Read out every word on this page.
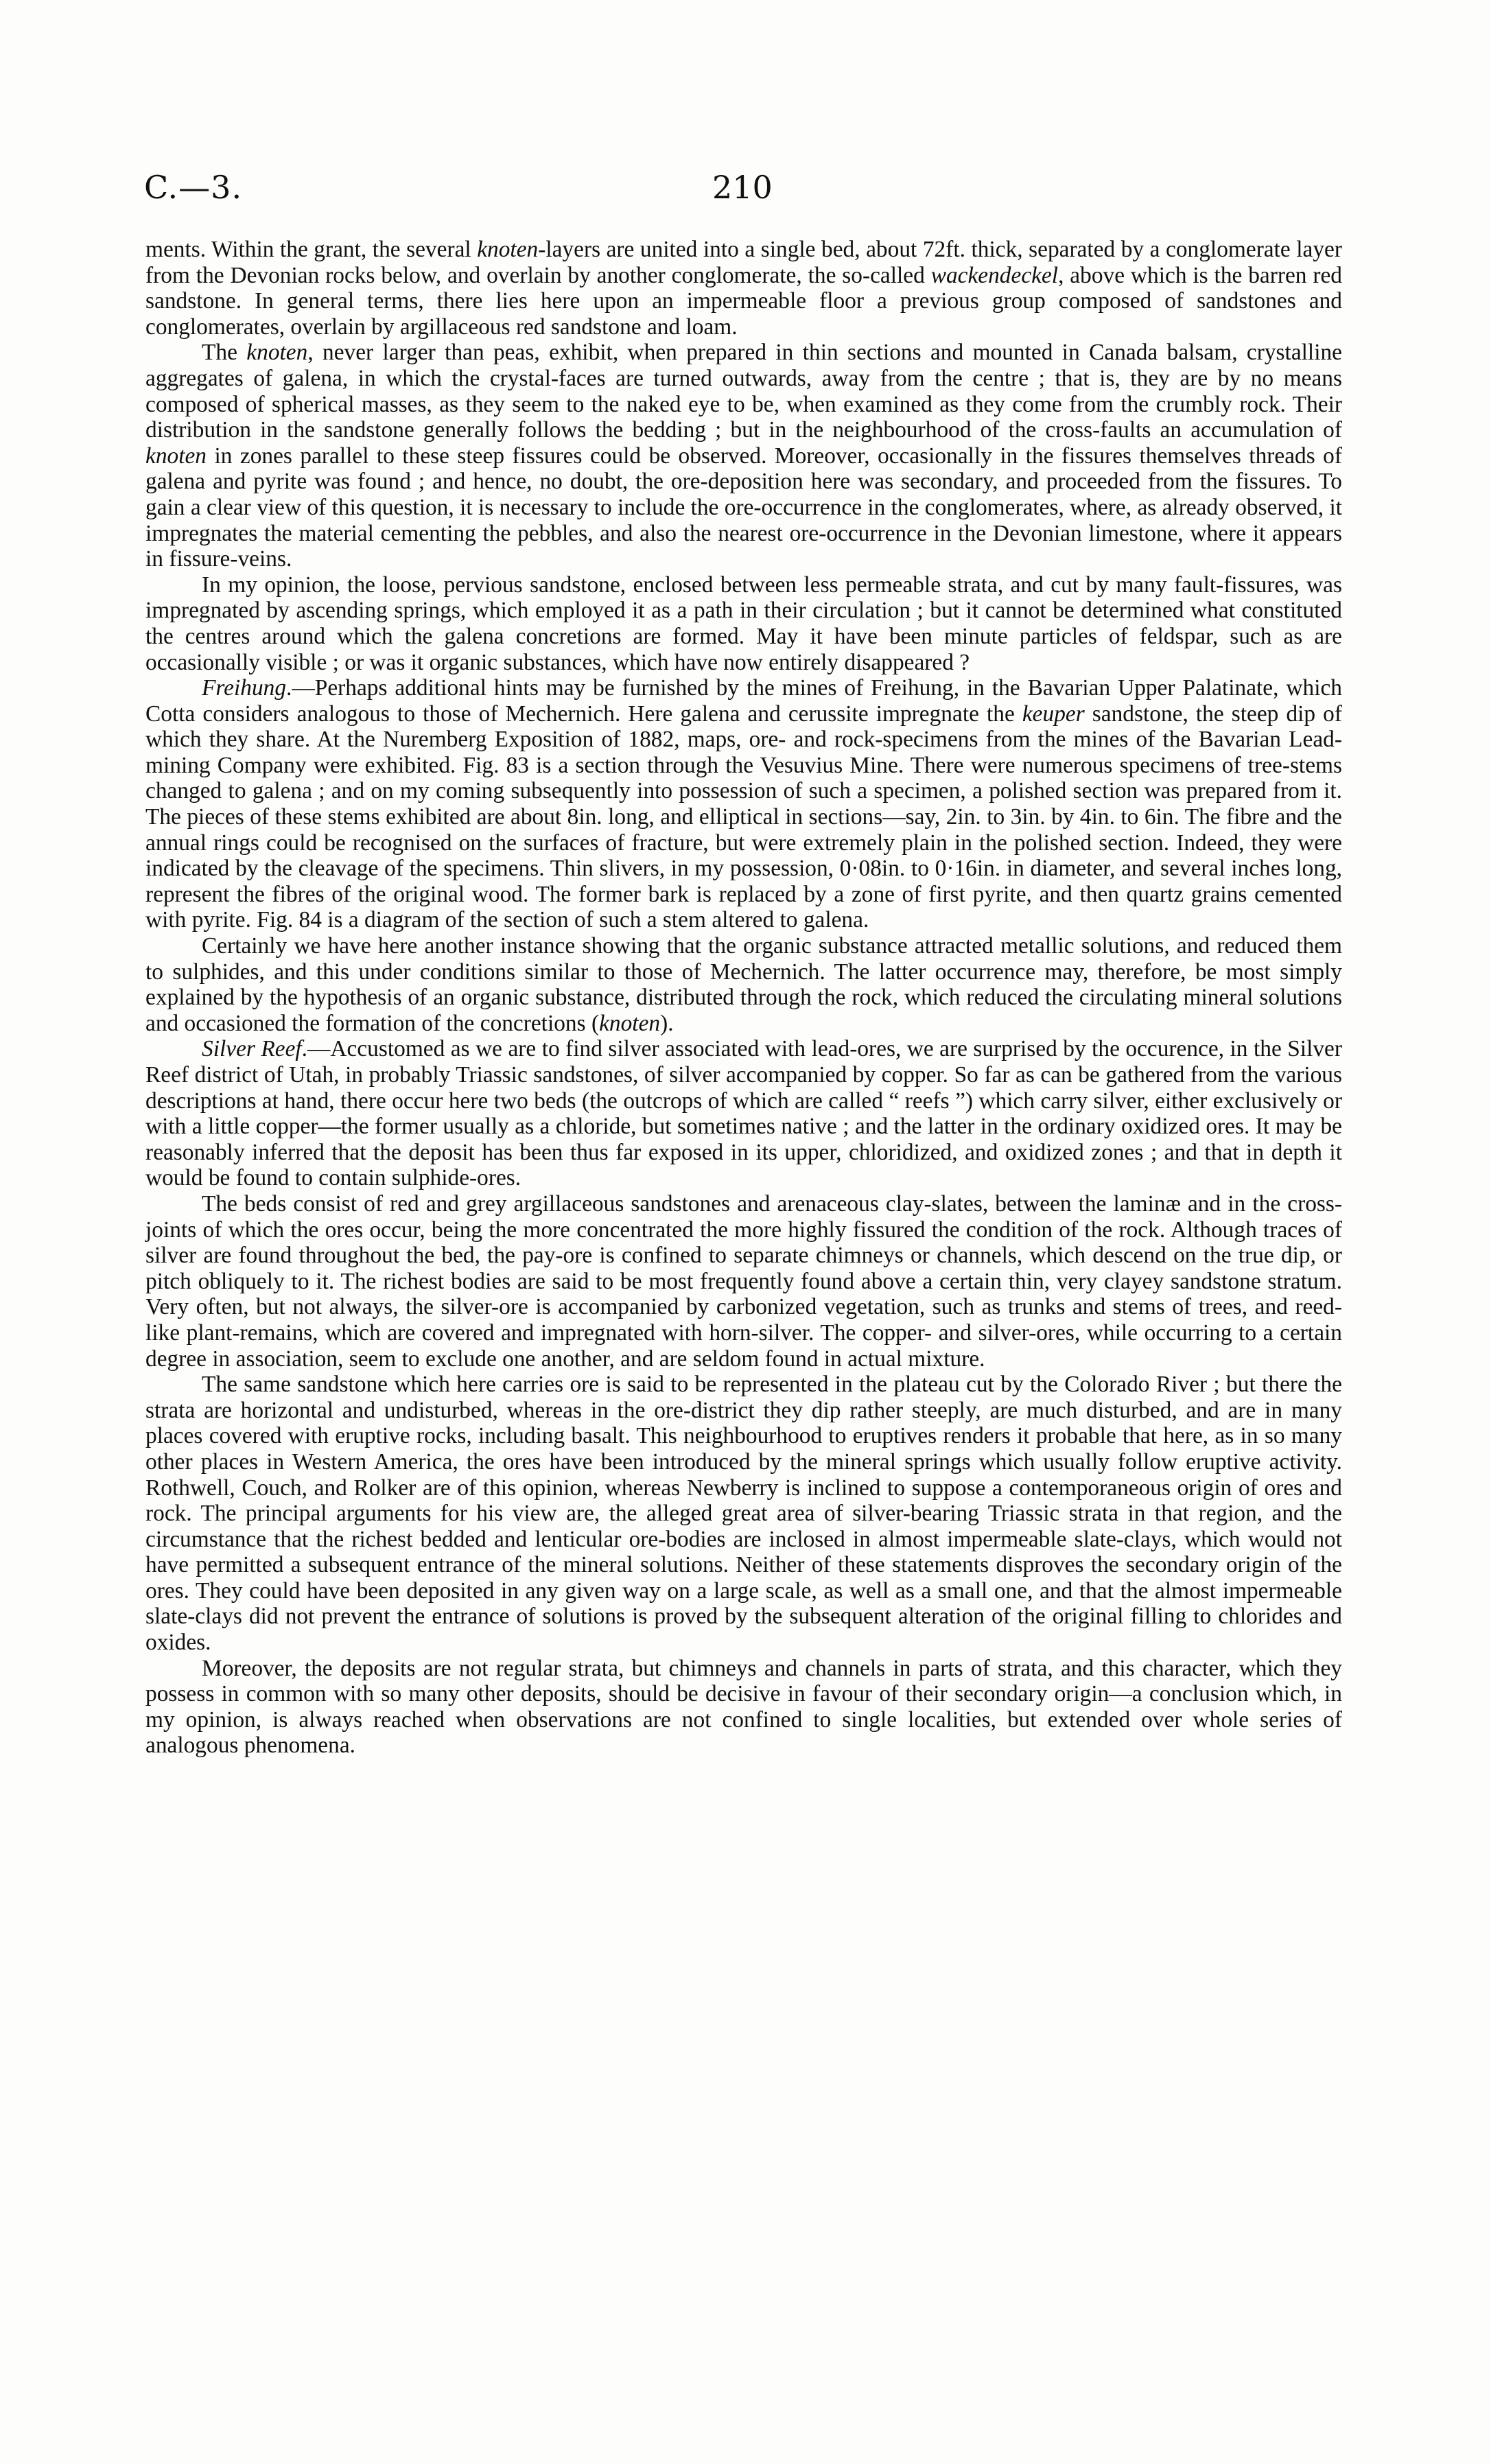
C.—3.	210

ments. Within the grant, the several knoten-layers are united into a single bed, about 72ft. thick, separated by a conglomerate layer from the Devonian rocks below, and overlain by another conglomerate, the so-called wackendeckel, above which is the barren red sandstone. In general terms, there lies here upon an impermeable floor a previous group composed of sandstones and conglomerates, overlain by argillaceous red sandstone and loam.

The knoten, never larger than peas, exhibit, when prepared in thin sections and mounted in Canada balsam, crystalline aggregates of galena, in which the crystal-faces are turned outwards, away from the centre ; that is, they are by no means composed of spherical masses, as they seem to the naked eye to be, when examined as they come from the crumbly rock. Their distribution in the sandstone generally follows the bedding ; but in the neighbourhood of the cross-faults an accumulation of knoten in zones parallel to these steep fissures could be observed. Moreover, occasionally in the fissures themselves threads of galena and pyrite was found ; and hence, no doubt, the ore-deposition here was secondary, and proceeded from the fissures. To gain a clear view of this question, it is necessary to include the ore-occurrence in the conglomerates, where, as already observed, it impregnates the material cementing the pebbles, and also the nearest ore-occurrence in the Devonian limestone, where it appears in fissure-veins.

In my opinion, the loose, pervious sandstone, enclosed between less permeable strata, and cut by many fault-fissures, was impregnated by ascending springs, which employed it as a path in their circulation ; but it cannot be determined what constituted the centres around which the galena concretions are formed. May it have been minute particles of feldspar, such as are occasionally visible ; or was it organic substances, which have now entirely disappeared ?

Freihung.—Perhaps additional hints may be furnished by the mines of Freihung, in the Bavarian Upper Palatinate, which Cotta considers analogous to those of Mechernich. Here galena and cerussite impregnate the keuper sandstone, the steep dip of which they share. At the Nuremberg Exposition of 1882, maps, ore- and rock-specimens from the mines of the Bavarian Lead-mining Company were exhibited. Fig. 83 is a section through the Vesuvius Mine. There were numerous specimens of tree-stems changed to galena ; and on my coming subsequently into possession of such a specimen, a polished section was prepared from it. The pieces of these stems exhibited are about 8in. long, and elliptical in sections—say, 2in. to 3in. by 4in. to 6in. The fibre and the annual rings could be recognised on the surfaces of fracture, but were extremely plain in the polished section. Indeed, they were indicated by the cleavage of the specimens. Thin slivers, in my possession, 0·08in. to 0·16in. in diameter, and several inches long, represent the fibres of the original wood. The former bark is replaced by a zone of first pyrite, and then quartz grains cemented with pyrite. Fig. 84 is a diagram of the section of such a stem altered to galena.

Certainly we have here another instance showing that the organic substance attracted metallic solutions, and reduced them to sulphides, and this under conditions similar to those of Mechernich. The latter occurrence may, therefore, be most simply explained by the hypothesis of an organic substance, distributed through the rock, which reduced the circulating mineral solutions and occasioned the formation of the concretions (knoten).

Silver Reef.—Accustomed as we are to find silver associated with lead-ores, we are surprised by the occurence, in the Silver Reef district of Utah, in probably Triassic sandstones, of silver accompanied by copper. So far as can be gathered from the various descriptions at hand, there occur here two beds (the outcrops of which are called “ reefs ”) which carry silver, either exclusively or with a little copper—the former usually as a chloride, but sometimes native ; and the latter in the ordinary oxidized ores. It may be reasonably inferred that the deposit has been thus far exposed in its upper, chloridized, and oxidized zones ; and that in depth it would be found to contain sulphide-ores.

The beds consist of red and grey argillaceous sandstones and arenaceous clay-slates, between the laminæ and in the cross-joints of which the ores occur, being the more concentrated the more highly fissured the condition of the rock. Although traces of silver are found throughout the bed, the pay-ore is confined to separate chimneys or channels, which descend on the true dip, or pitch obliquely to it. The richest bodies are said to be most frequently found above a certain thin, very clayey sandstone stratum. Very often, but not always, the silver-ore is accompanied by carbonized vegetation, such as trunks and stems of trees, and reed-like plant-remains, which are covered and impregnated with horn-silver. The copper- and silver-ores, while occurring to a certain degree in association, seem to exclude one another, and are seldom found in actual mixture.

The same sandstone which here carries ore is said to be represented in the plateau cut by the Colorado River ; but there the strata are horizontal and undisturbed, whereas in the ore-district they dip rather steeply, are much disturbed, and are in many places covered with eruptive rocks, including basalt. This neighbourhood to eruptives renders it probable that here, as in so many other places in Western America, the ores have been introduced by the mineral springs which usually follow eruptive activity. Rothwell, Couch, and Rolker are of this opinion, whereas Newberry is inclined to suppose a contemporaneous origin of ores and rock. The principal arguments for his view are, the alleged great area of silver-bearing Triassic strata in that region, and the circumstance that the richest bedded and lenticular ore-bodies are inclosed in almost impermeable slate-clays, which would not have permitted a subsequent entrance of the mineral solutions. Neither of these statements disproves the secondary origin of the ores. They could have been deposited in any given way on a large scale, as well as a small one, and that the almost impermeable slate-clays did not prevent the entrance of solutions is proved by the subsequent alteration of the original filling to chlorides and oxides.

Moreover, the deposits are not regular strata, but chimneys and channels in parts of strata, and this character, which they possess in common with so many other deposits, should be decisive in favour of their secondary origin—a conclusion which, in my opinion, is always reached when observations are not confined to single localities, but extended over whole series of analogous phenomena.
